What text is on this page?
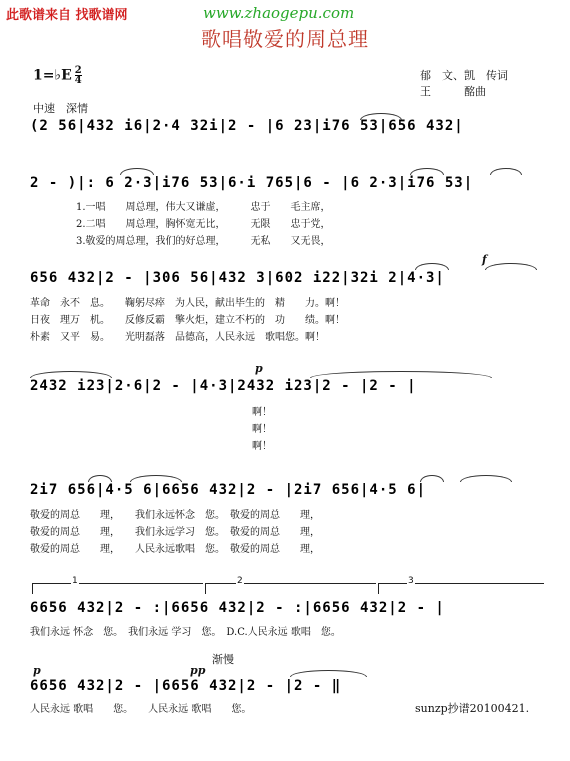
此歌谱来自 找歌谱网	www.zhaogepu.com
歌唱敬爱的周总理
1=♭E $\frac{2}{4}$	郁　文、凯　传词
王　　　酩曲
中速　深情
(2 56|432 i6|2·4 32i|2 - |6 23|i76 53|656 432|
2 - )|: 6 2·3|i76 53|6·i 765|6 - |6 2·3|i76 53|
1.一唱　　周总理，伟大又谦虚，　　　忠于　　毛主席，
2.二唱　　周总理，胸怀宽无比，　　　无限　　忠于党，
3.敬爱的周总理，我们的好总理，　　　无私　　又无畏，
f
656 432|2 - |306 56|432 3|602 i22|32i 2|4·3|
革命　永不　息。　　鞠躬尽瘁　为人民，献出毕生的　精　　力。啊！
日夜　理万　机。　　反修反霸　擎火炬，建立不朽的　功　　绩。啊！
朴素　又平　易。　　光明磊落　品德高，人民永远　歌唱您。啊！
p
2432 i23|2·6|2 - |4·3|2432 i23|2 - |2 - |
啊！
啊！
啊！
2i7 656|4·5 6|6656 432|2 - |2i7 656|4·5 6|
敬爱的周总　　理，　　我们永远怀念　您。　敬爱的周总　　理，
敬爱的周总　　理，　　我们永远学习　您。　敬爱的周总　　理，
敬爱的周总　　理，　　人民永远歌唱　您。　敬爱的周总　　理，
1	2	3
6656 432|2 - :|6656 432|2 - :|6656 432|2 - |
我们永远 怀念　您。　我们永远 学习　您。　D.C.人民永远 歌唱　您。
渐慢
p	pp
6656 432|2 - |6656 432|2 - |2 - ‖
人民永远 歌唱　　您。　　人民永远 歌唱　　您。	sunzp抄谱20100421.
